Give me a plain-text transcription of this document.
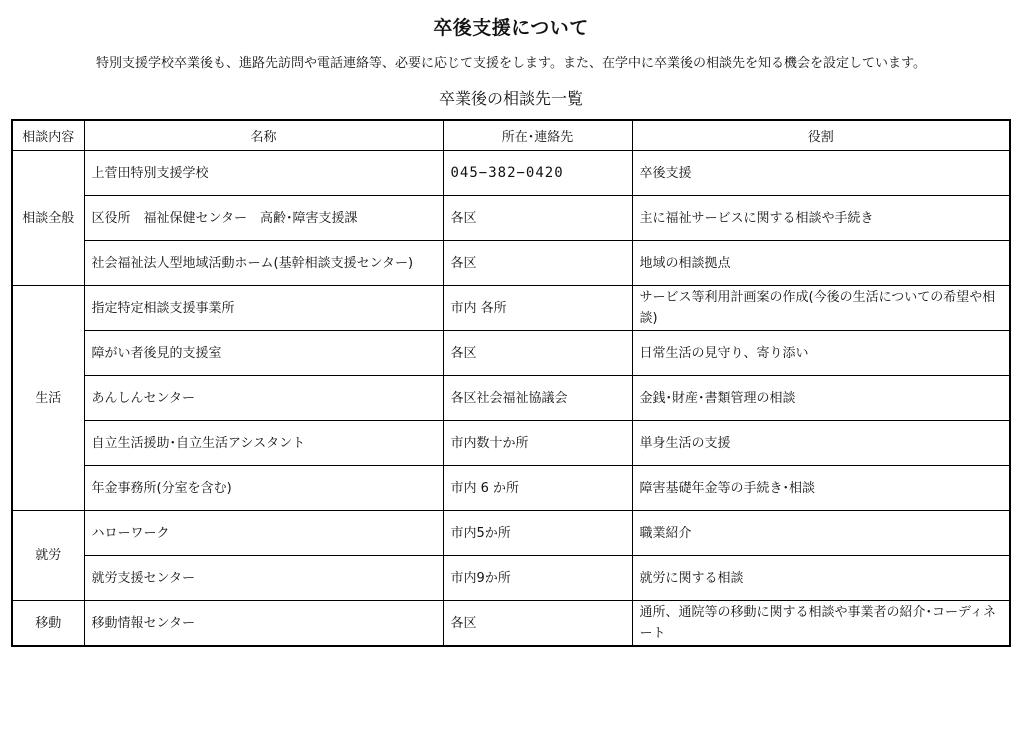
卒後支援について
特別支援学校卒業後も、進路先訪問や電話連絡等、必要に応じて支援をします。また、在学中に卒業後の相談先を知る機会を設定しています。
卒業後の相談先一覧
相談内容	名称	所在･連絡先	役割
相談全般	上菅田特別支援学校	045−382−0420	卒後支援
	区役所　福祉保健センター　高齢･障害支援課	各区	主に福祉サービスに関する相談や手続き
	社会福祉法人型地域活動ホーム(基幹相談支援センター)	各区	地域の相談拠点
生活	指定特定相談支援事業所	市内 各所	サービス等利用計画案の作成(今後の生活についての希望や相談)
	障がい者後見的支援室	各区	日常生活の見守り、寄り添い
	あんしんセンター	各区社会福祉協議会	金銭･財産･書類管理の相談
	自立生活援助･自立生活アシスタント	市内数十か所	単身生活の支援
	年金事務所(分室を含む)	市内 6 か所	障害基礎年金等の手続き･相談
就労	ハローワーク	市内5か所	職業紹介
	就労支援センター	市内9か所	就労に関する相談
移動	移動情報センター	各区	通所、通院等の移動に関する相談や事業者の紹介･コーディネート
